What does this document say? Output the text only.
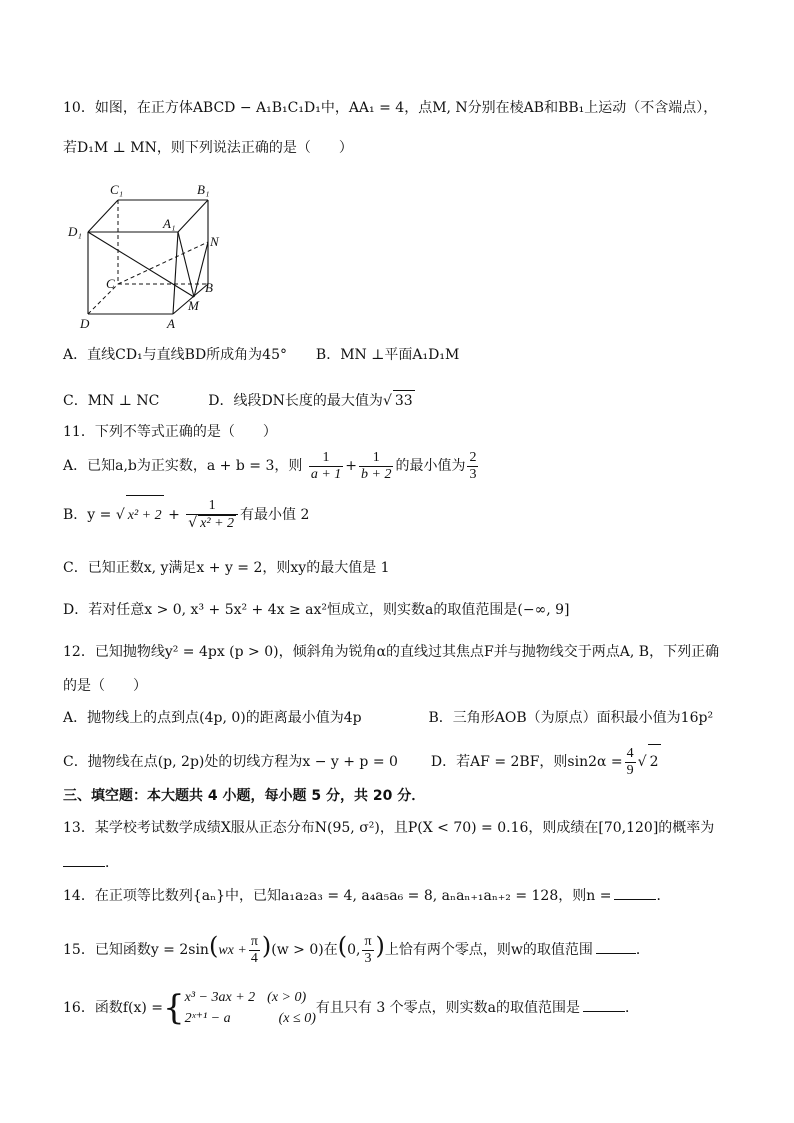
10．如图，在正方体ABCD − A₁B₁C₁D₁中，AA₁ = 4，点M, N分别在棱AB和BB₁上运动（不含端点），
若D₁M ⊥ MN，则下列说法正确的是（　　）
C₁	B₁
A₁
D₁
N
C	B
M
D	A
A．直线CD₁与直线BD所成角为45° B．MN ⊥平面A₁D₁M
C．MN ⊥ NC	D．线段DN长度的最大值为√ 33
11．下列不等式正确的是（　　）
A．已知a,b为正实数，a + b = 3，则 $\frac{1}{a + 1} + \frac{1}{b + 2}$ 的最小值为 $\frac{2}{3}$
B．y = √ $x^2 + 2 + \frac{1}{\text{√ x² + 2}}$ 有最小值 2
C．已知正数x, y满足x + y = 2，则xy的最大值是 1
D．若对任意x > 0, x³ + 5x² + 4x ≥ ax²恒成立，则实数a的取值范围是(−∞, 9]
12．已知抛物线y² = 4px (p > 0)，倾斜角为锐角α的直线过其焦点F并与抛物线交于两点A, B，下列正确
的是（　　）
A．抛物线上的点到点(4p, 0)的距离最小值为4p	B．三角形AOB（为原点）面积最小值为16p²
C．抛物线在点(p, 2p)处的切线方程为x − y + p = 0 D．若AF = 2BF，则$\sin 2\alpha = \frac{4}{9}$ √ 2
三、填空题：本大题共 4 小题，每小题 5 分，共 20 分．
13．某学校考试数学成绩X服从正态分布N(95, σ²)，且P(X < 70) = 0.16，则成绩在[70,120]的概率为
．
14．在正项等比数列{aₙ}中，已知a₁a₂a₃ = 4, a₄a₅a₆ = 8, aₙaₙ₊₁aₙ₊₂ = 128，则n =	．
15．已知函数$y = 2\sin(wx + \frac{\pi}{4} )(w > 0)$在(0, $\frac{\pi}{3}$ )上恰有两个零点，则w的取值范围	．
16．函数f(x) ={ x³ − 3ax + 2 (x > 0)
2ˣ⁺¹ − a	(x ≤ 0)
有且只有 3 个零点，则实数a的取值范围是	．
